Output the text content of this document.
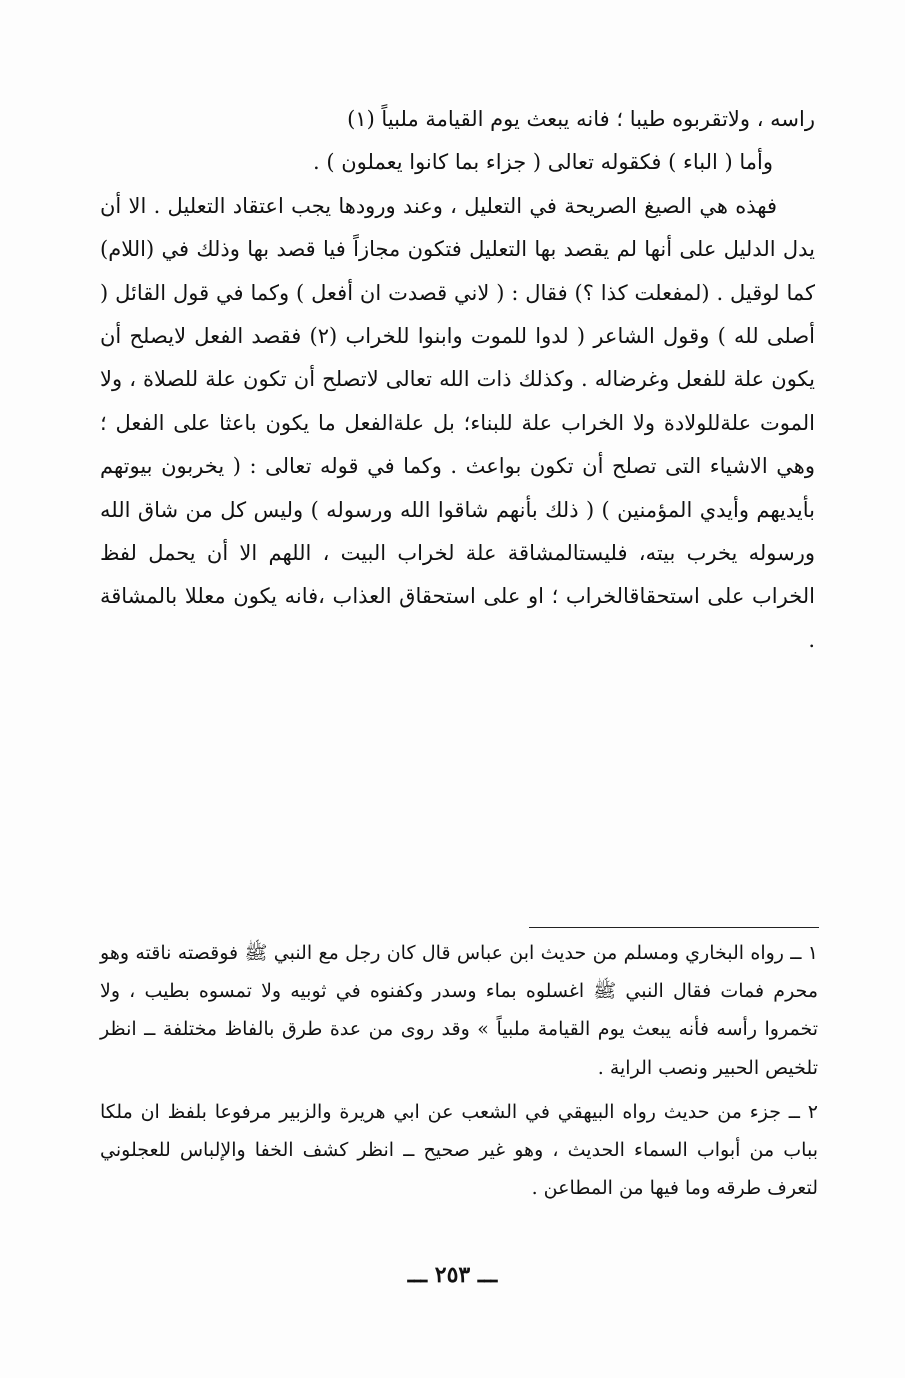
راسه ، ولاتقربوه طيبا ؛ فانه يبعث يوم القيامة ملبياً (١)

وأما ( الباء ) فكقوله تعالى ( جزاء بما كانوا يعملون ) .

فهذه هي الصيغ الصريحة في التعليل ، وعند ورودها يجب اعتقاد التعليل . الا أن يدل الدليل على أنها لم يقصد بها التعليل فتكون مجازاً فيا قصد بها وذلك في (اللام) كما لوقيل . (لمفعلت كذا ؟) فقال : ( لاني قصدت ان أفعل ) وكما في قول القائل ( أصلى لله ) وقول الشاعر ( لدوا للموت وابنوا للخراب (٢) فقصد الفعل لايصلح أن يكون علة للفعل وغرضاله . وكذلك ذات الله تعالى لاتصلح أن تكون علة للصلاة ، ولا الموت علةللولادة ولا الخراب علة للبناء؛ بل علةالفعل ما يكون باعثا على الفعل ؛ وهي الاشياء التى تصلح أن تكون بواعث . وكما في قوله تعالى : ( يخربون بيوتهم بأيديهم وأيدي المؤمنين ) ( ذلك بأنهم شاقوا الله ورسوله ) وليس كل من شاق الله ورسوله يخرب بيته، فليستالمشاقة علة لخراب البيت ، اللهم الا أن يحمل لفظ الخراب على استحقاقالخراب ؛ او على استحقاق العذاب ،فانه يكون معللا بالمشاقة .

١ ــ رواه البخاري ومسلم من حديث ابن عباس قال كان رجل مع النبي ﷺ فوقصته ناقته وهو محرم فمات فقال النبي ﷺ اغسلوه بماء وسدر وكفنوه في ثوبيه ولا تمسوه بطيب ، ولا تخمروا رأسه فأنه يبعث يوم القيامة ملبياً » وقد روى من عدة طرق بالفاظ مختلفة ــ انظر تلخيص الحبير ونصب الراية .

٢ ــ جزء من حديث رواه البيهقي في الشعب عن ابي هريرة والزبير مرفوعا بلفظ ان ملكا بباب من أبواب السماء الحديث ، وهو غير صحيح ــ انظر كشف الخفا والإلباس للعجلوني لتعرف طرقه وما فيها من المطاعن .

ـــ ٢٥٣ ـــ
